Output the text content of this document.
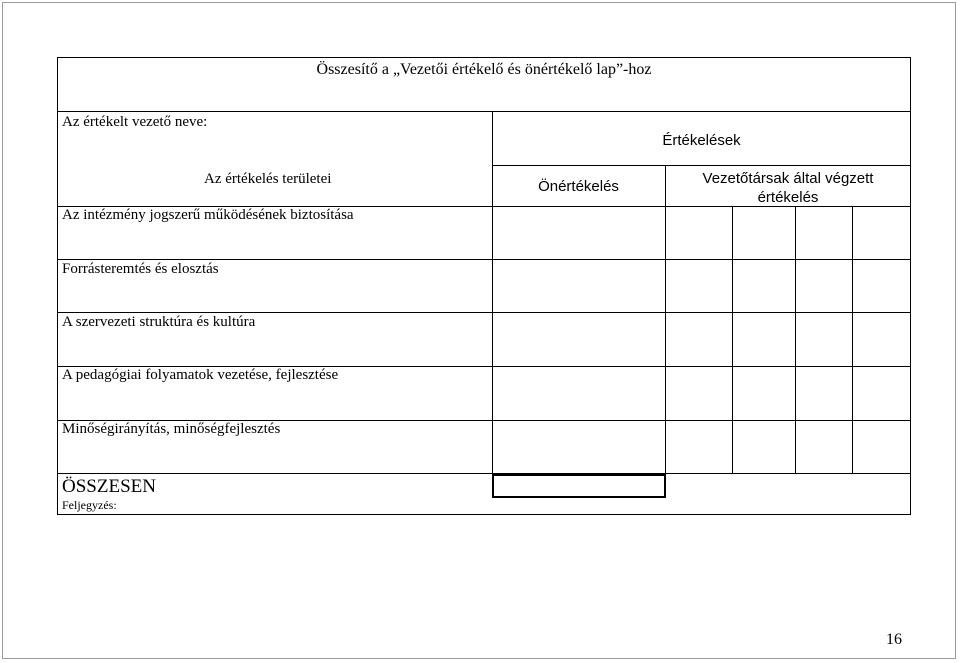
Összesítő a „Vezetői értékelő és önértékelő lap”-hoz
Az értékelt vezető neve:
Értékelések
Az értékelés területei	Önértékelés	Vezetőtársak által végzett
értékelés
Az intézmény jogszerű működésének biztosítása
Forrásteremtés és elosztás
A szervezeti struktúra és kultúra
A pedagógiai folyamatok vezetése, fejlesztése
Minőségirányítás, minőségfejlesztés
ÖSSZESEN
Feljegyzés:
16
